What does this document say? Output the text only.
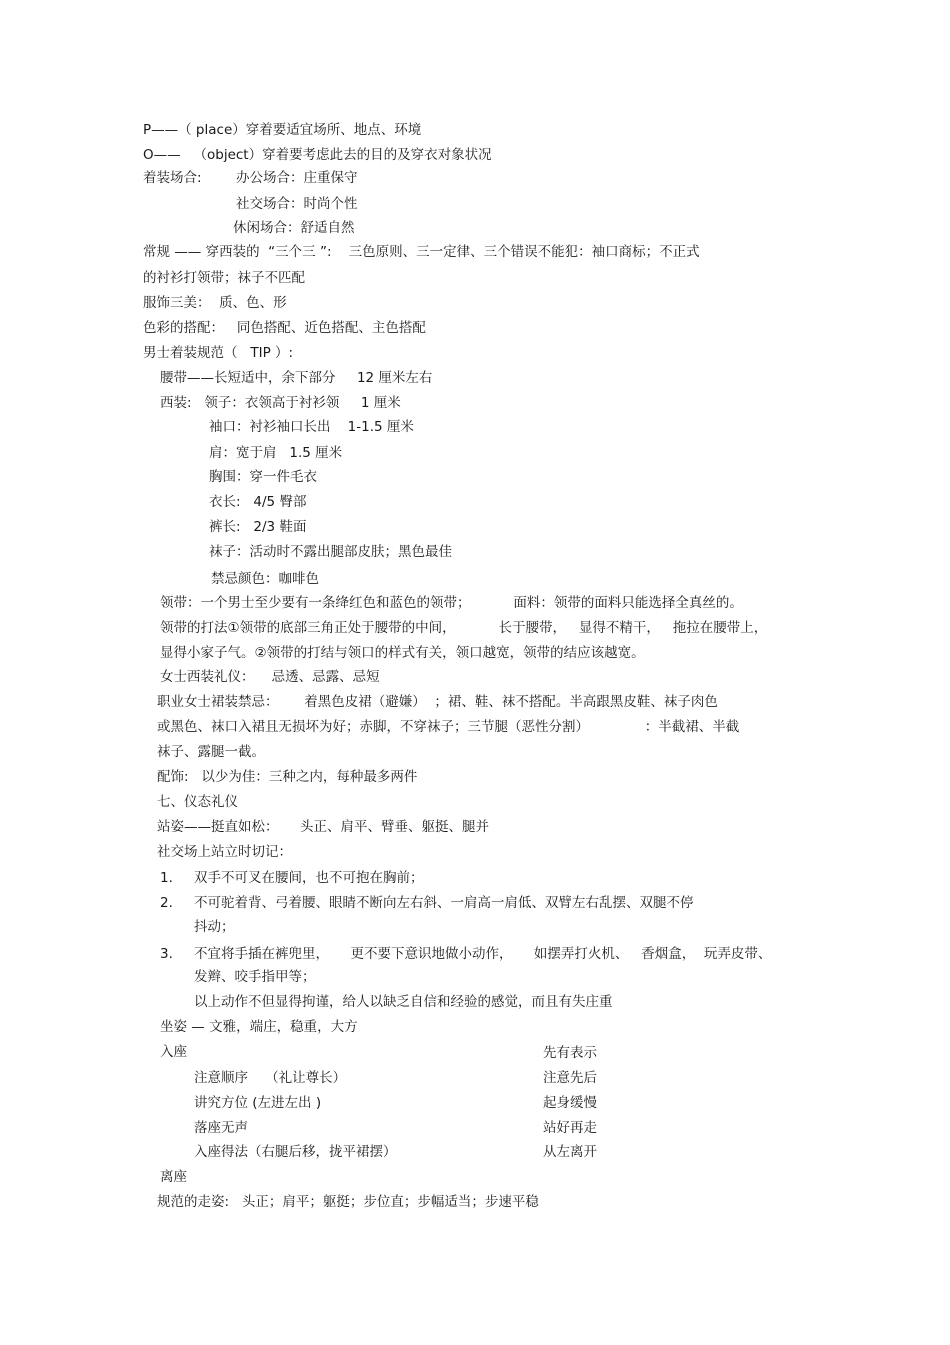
P——（ place）穿着要适宜场所、地点、环境
O——   （object）穿着要考虑此去的目的及穿衣对象状况
着装场合:	办公场合：庄重保守
社交场合：时尚个性
休闲场合：舒适自然
常规 —— 穿西装的  “三个三 ”:    三色原则、三一定律、三个错误不能犯：袖口商标；不正式
的衬衫打领带；袜子不匹配
服饰三美：  质、色、形
色彩的搭配：   同色搭配、近色搭配、主色搭配
男士着装规范（   TIP ）:
腰带——长短适中，余下部分     12 厘米左右
西装:   领子：衣领高于衬衫领     1 厘米
袖口：衬衫袖口长出    1-1.5 厘米
肩：宽于肩   1.5 厘米
胸围：穿一件毛衣
衣长:   4/5 臀部
裤长:   2/3 鞋面
袜子：活动时不露出腿部皮肤；黑色最佳
禁忌颜色：咖啡色
领带：一个男士至少要有一条绛红色和蓝色的领带；          面料：领带的面料只能选择全真丝的。
领带的打法①领带的底部三角正处于腰带的中间，          长于腰带，   显得不精干，   拖拉在腰带上，
显得小家子气。②领带的打结与领口的样式有关，领口越宽，领带的结应该越宽。
女士西装礼仪：    忌透、忌露、忌短
职业女士裙装禁忌：      着黑色皮裙（避嫌）  ；裙、鞋、袜不搭配。半高跟黑皮鞋、袜子肉色
或黑色、袜口入裙且无损坏为好；赤脚，不穿袜子；三节腿（恶性分割）             ：半截裙、半截
袜子、露腿一截。
配饰:   以少为佳：三种之内，每种最多两件
七、仪态礼仪
站姿——挺直如松：     头正、肩平、臂垂、躯挺、腿并
社交场上站立时切记：
1. 双手不可叉在腰间，也不可抱在胸前；
2. 不可驼着背、弓着腰、眼睛不断向左右斜、一肩高一肩低、双臂左右乱摆、双腿不停
抖动；
3. 不宜将手插在裤兜里，     更不要下意识地做小动作，     如摆弄打火机、   香烟盒，  玩弄皮带、
发辫、咬手指甲等；
以上动作不但显得拘谨，给人以缺乏自信和经验的感觉，而且有失庄重
坐姿 — 文雅，端庄，稳重，大方
入座	先有表示
注意顺序    （礼让尊长）	注意先后
讲究方位 (左进左出 )	起身缓慢
落座无声	站好再走
入座得法（右腿后移，拢平裙摆）	从左离开
离座
规范的走姿:   头正；肩平；躯挺；步位直；步幅适当；步速平稳
